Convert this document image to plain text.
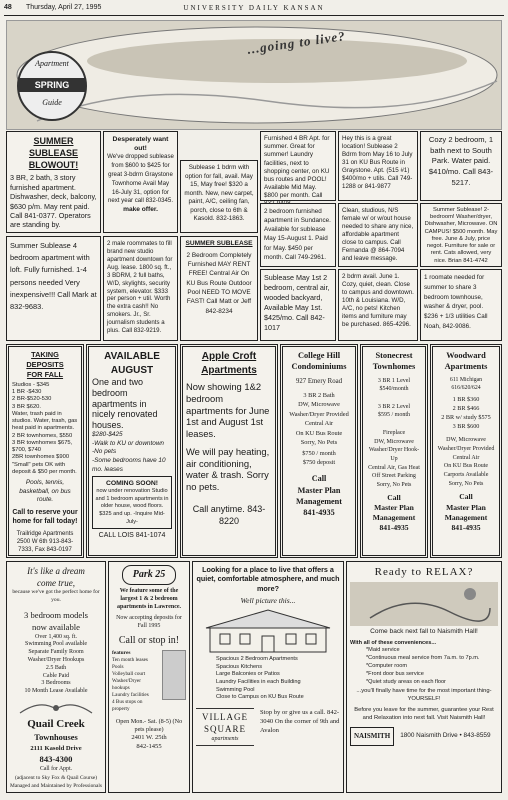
48 Thursday, April 27, 1995	UNIVERSITY DAILY KANSAN
...going to live?
Apartment
SPRING
Guide
SUMMER
SUBLEASE
BLOWOUT!
3 BR, 2 bath, 3 story furnished apartment. Dishwasher, deck, balcony, $630 p/m. May rent paid. Call 841-0377. Operators are standing by.
Desperately want out!
We've dropped sublease from $600 to $425 for great 3-bdrm Graystone Townhome Avail May 16-July 31, option for next year call 832-0345.
make offer.
Sublease 1 bdrm with option for fall, avail. May 15, May free! $320 a month. New, new carpet, paint, A/C, ceiling fan, porch, close to 6th & Kasold. 832-1863.
Furnished 4 BR Apt. for summer. Great for summer! Laundry facilities, next to shopping center, on KU bus routes and POOL! Available Mid May. $800 per month. Call
Hey this is a great location! Sublease 2 Bdrm from May 16 to July 31 on KU Bus Route in Graystone. Apt. (515 #1) $400/mo + utils. Call 749-1288 or 841-9877
Cozy 2 bedroom, 1 bath next to South Park. Water paid. $410/mo. Call 843-5217.
Summer Sublease 4 bedroom apartment with loft. Fully furnished. 1-4 persons needed Very inexpensive!!! Call Mark at 832-9683.
2 male roommates to fill brand new studio apartment downtown for Aug. lease. 1800 sq. ft., 3 BDRM, 2 full baths, W/D, skylights, security system, elevator. $333 per person + util. Worth the extra cash!! No smokers. Jr., Sr. journalism students a plus. Call 832-9219.
SUMMER SUBLEASE
2 Bedroom Completely Furnished MAY RENT FREE! Central Air On KU Bus Route Outdoor Pool NEED TO MOVE FAST! Call Matt or Jeff 842-8234
2 bedroom furnished apartment in Sundance. Available for sublease May 15-August 1. Paid for May. $450 per month. Call 749-2961.
Clean, studious, N/S female w/ or w/out house needed to share any nice, affordable apartment close to campus. Call Fernanda @ 864-7094 and leave message.
Summer Sublease! 2-bedroom! Washer/dryer, Dishwasher, Microwave. ON CAMPUS! $500 month. May free. June & July, price negot. Furniture for sale or rent. Cats allowed, very nice. Brian 841-4742
Sublease May 1st 2 bedroom, central air, wooded backyard, Available May 1st. $425/mo. Call 842-1017
2 bdrm avail. June 1. Cozy, quiet, clean. Close to campus and downtown. 10th & Louisiana. W/D, A/C, no pets! Kitchen items and furniture may be purchased. 865-4296.
1 roomate needed for summer to share 3 bedroom townhouse, washer & dryer, pool. $236 + 1/3 utilities Call Noah, 842-9086.
TAKING
DEPOSITS
FOR FALL
Studios - $345
1 BR -$430
2 BR-$520-530
3 BR $620.
Water, trash paid in studios. Water, trash, gas heat paid in apartments.
2 BR townhomes, $550
3 BR townhomes $675, $700, $740
2BR townhomes $900
"Small" pets OK with deposit & $50 per month.
Pools, tennis, basketball, on bus route.
Call to reserve your home for fall today!
Trailridge Apartments 2500 W 6th 913-843-7333, Fax 843-0197
AVAILABLE
AUGUST
One and two bedroom apartments in nicely renovated houses.
$280-$425
-Walk to KU or downtown
-No pets
-Some bedrooms have 10 mo. leases
COMING SOON!
now under renovation Studio and 1 bedroom apartments in older house, wood floors. $325 and up. -Inquire Mid-July-
CALL LOIS 841-1074
Apple Croft
Apartments
Now showing 1&2 bedroom apartments for June 1st and August 1st leases.
We will pay heating, air conditioning, water & trash. Sorry no pets.
Call anytime. 843-8220
College Hill
Condominiums
927 Emery Road
3 BR 2 Bath
DW, Microwave
Washer/Dryer Provided
Central Air
On KU Bus Route
Sorry, No Pets
$750 / month
$750 deposit
Call
Master Plan
Management
841-4935
Stonecrest
Townhomes
3 BR 1 Level
$540/month

3 BR 2 Level
$595 / month

Fireplace
DW, Microwave
Washer/Dryer Hook-Up
Central Air, Gas Heat
Off Street Parking
Sorry, No Pets
Call
Master Plan
Management
841-4935
Woodward
Apartments
611 Michigan
616/620/624
1 BR $360
2 BR $466
2 BR w/ study $575
3 BR $600
DW, Microwave
Washer/Dryer Provided
Central Air
On KU Bus Route
Carports Available
Sorry, No Pets
Call
Master Plan
Management
841-4935
It's like a dream
come true,
because we've got the perfect home for you.
3 bedroom models
now available
Over 1,400 sq. ft.
Swimming Pool available
Separate Family Room
Washer/Dryer Hookups
2.5 Bath
Cable Paid
3 Bedrooms
10 Month Lease Available
Quail Creek
Townhouses
2111 Kasold Drive
843-4300
Call for Appt.
(adjacent to Sky Fox & Quail Course) Managed and Maintained by Professionals
Park 25
We feature some of the largest 1 & 2 bedroom apartments in Lawrence.
Now accepting deposits for Fall 1995
Call or stop in!
features
Ten month leases
Pools
Volleyball court
Washer/Dryer hookups
Laundry facilities
4 Bus stops on property
Open Mon.- Sat. (8-5) (No pets please)
2401 W. 25th
842-1455
Looking for a place to live that offers a quiet, comfortable atmosphere, and much more?
Well picture this...
Spacious 2 Bedroom Apartments
Spacious Kitchens
Large Balconies or Patios
Laundry Facilities in each Building
Swimming Pool
Close to Campus on KU Bus Route
VILLAGE
SQUARE
apartments
Stop by or give us a call. 842-3040 On the corner of 9th and Avalon
Ready to RELAX?
Come back next fall to Naismith Hall!
With all of these conveniences...
*Maid service
*Continuous meal service from 7a.m. to 7p.m.
*Computer room
*Front door bus service
*Quiet study areas on each floor
...you'll finally have time for the most important thing-YOURSELF!
Before you leave for the summer, guarantee your Rest and Relaxation into next fall. Visit Naismith Hall!
NAISMITH	1800 Naismith Drive • 843-8559
